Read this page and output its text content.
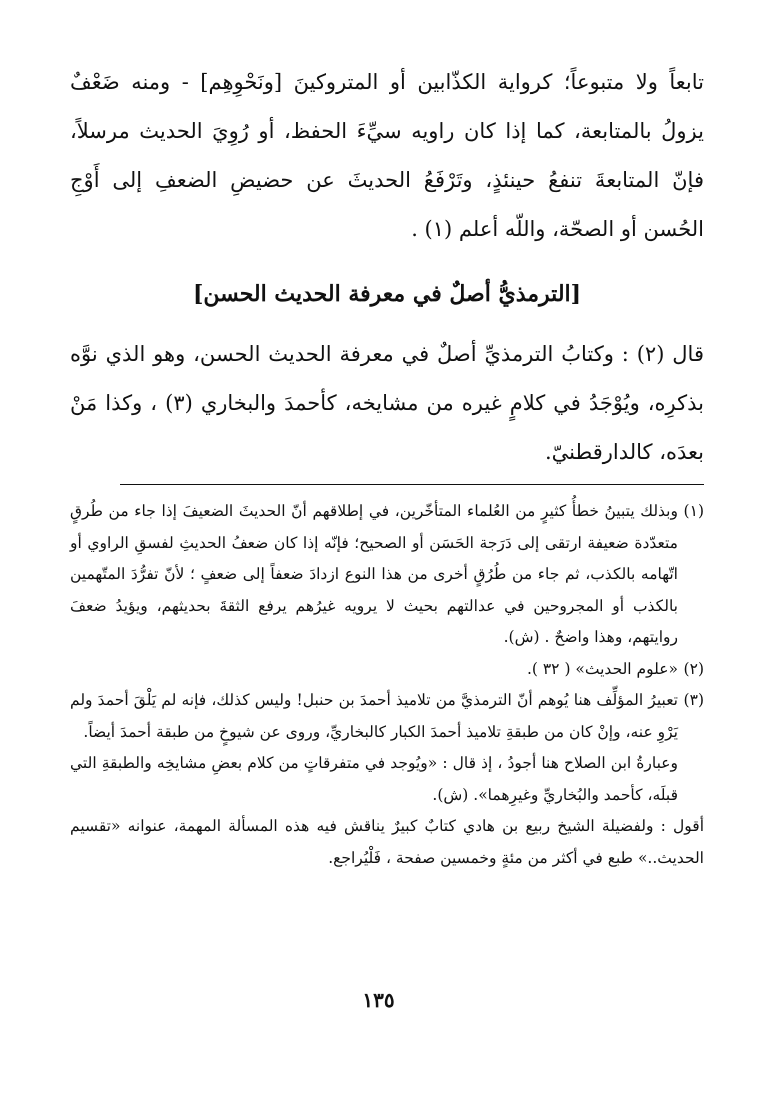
تابعاً ولا متبوعاً؛ كرواية الكذّابين أو المتروكينَ [ونَحْوِهِم] - ومنه ضَعْفٌ يزولُ بالمتابعة، كما إذا كان راويه سيِّءَ الحفظ، أو رُوِيَ الحديث مرسلاً، فإنّ المتابعةَ تنفعُ حينئذٍ، وتَرْفَعُ الحديثَ عن حضيضِ الضعفِ إلى أَوْجِ الحُسن أو الصحّة، واللّه أعلم (١) .

[الترمذيُّ أصلٌ في معرفة الحديث الحسن]

قال (٢) : وكتابُ الترمذيِّ أصلٌ في معرفة الحديث الحسن، وهو الذي نوَّه بذكرِه، ويُوْجَدُ في كلامٍ غيره من مشايخه، كأحمدَ والبخاري (٣) ، وكذا مَنْ بعدَه، كالدارقطنيّ.

(١)

وبذلك يتبينُ خطأُ كثيرٍ من العُلماء المتأخّرين، في إطلاقهم أنّ الحديثَ الضعيفَ إذا جاء من طُرقٍ متعدّدة ضعيفة ارتقى إلى دَرَجة الحَسَن أو الصحيح؛ فإنّه إذا كان ضعفُ الحديثِ لفسقِ الراوي أو اتّهامه بالكذب، ثم جاء من طُرُقٍ أخرى من هذا النوع ازدادَ ضعفاً إلى ضعفٍ ؛ لأنّ تفرُّدَ المتّهمين بالكذب أو المجروحين في عدالتهم بحيث لا يرويه غيرُهم يرفع الثقةَ بحديثهم، ويؤيدُ ضعفَ روايتهم، وهذا واضحٌ . (ش).

(٢)

«علوم الحديث» ( ٣٢ ).

(٣)

تعبيرُ المؤلِّف هنا يُوهم أنّ الترمذيَّ من تلاميذ أحمدَ بن حنبل! وليس كذلك، فإنه لم يَلْقَ أحمدَ ولم يَرْوِ عنه، وإنْ كان من طبقةِ تلاميذ أحمدَ الكبار كالبخاريِّ، وروى عن شيوخٍ من طبقة أحمدَ أيضاً.

وعبارةُ ابن الصلاح هنا أجودُ ، إذ قال : «ويُوجد في متفرقاتٍ من كلام بعضِ مشايخِه والطبقةِ التي قبلَه، كأحمد والبُخاريِّ وغيرِهما». (ش).

أقول : ولفضيلة الشيخ ربيع بن هادي كتابٌ كبيرٌ يناقش فيه هذه المسألة المهمة، عنوانه «تقسيم الحديث..» طبع في أكثر من مئةٍ وخمسين صفحة ، فَلْيُراجع.

١٣٥
